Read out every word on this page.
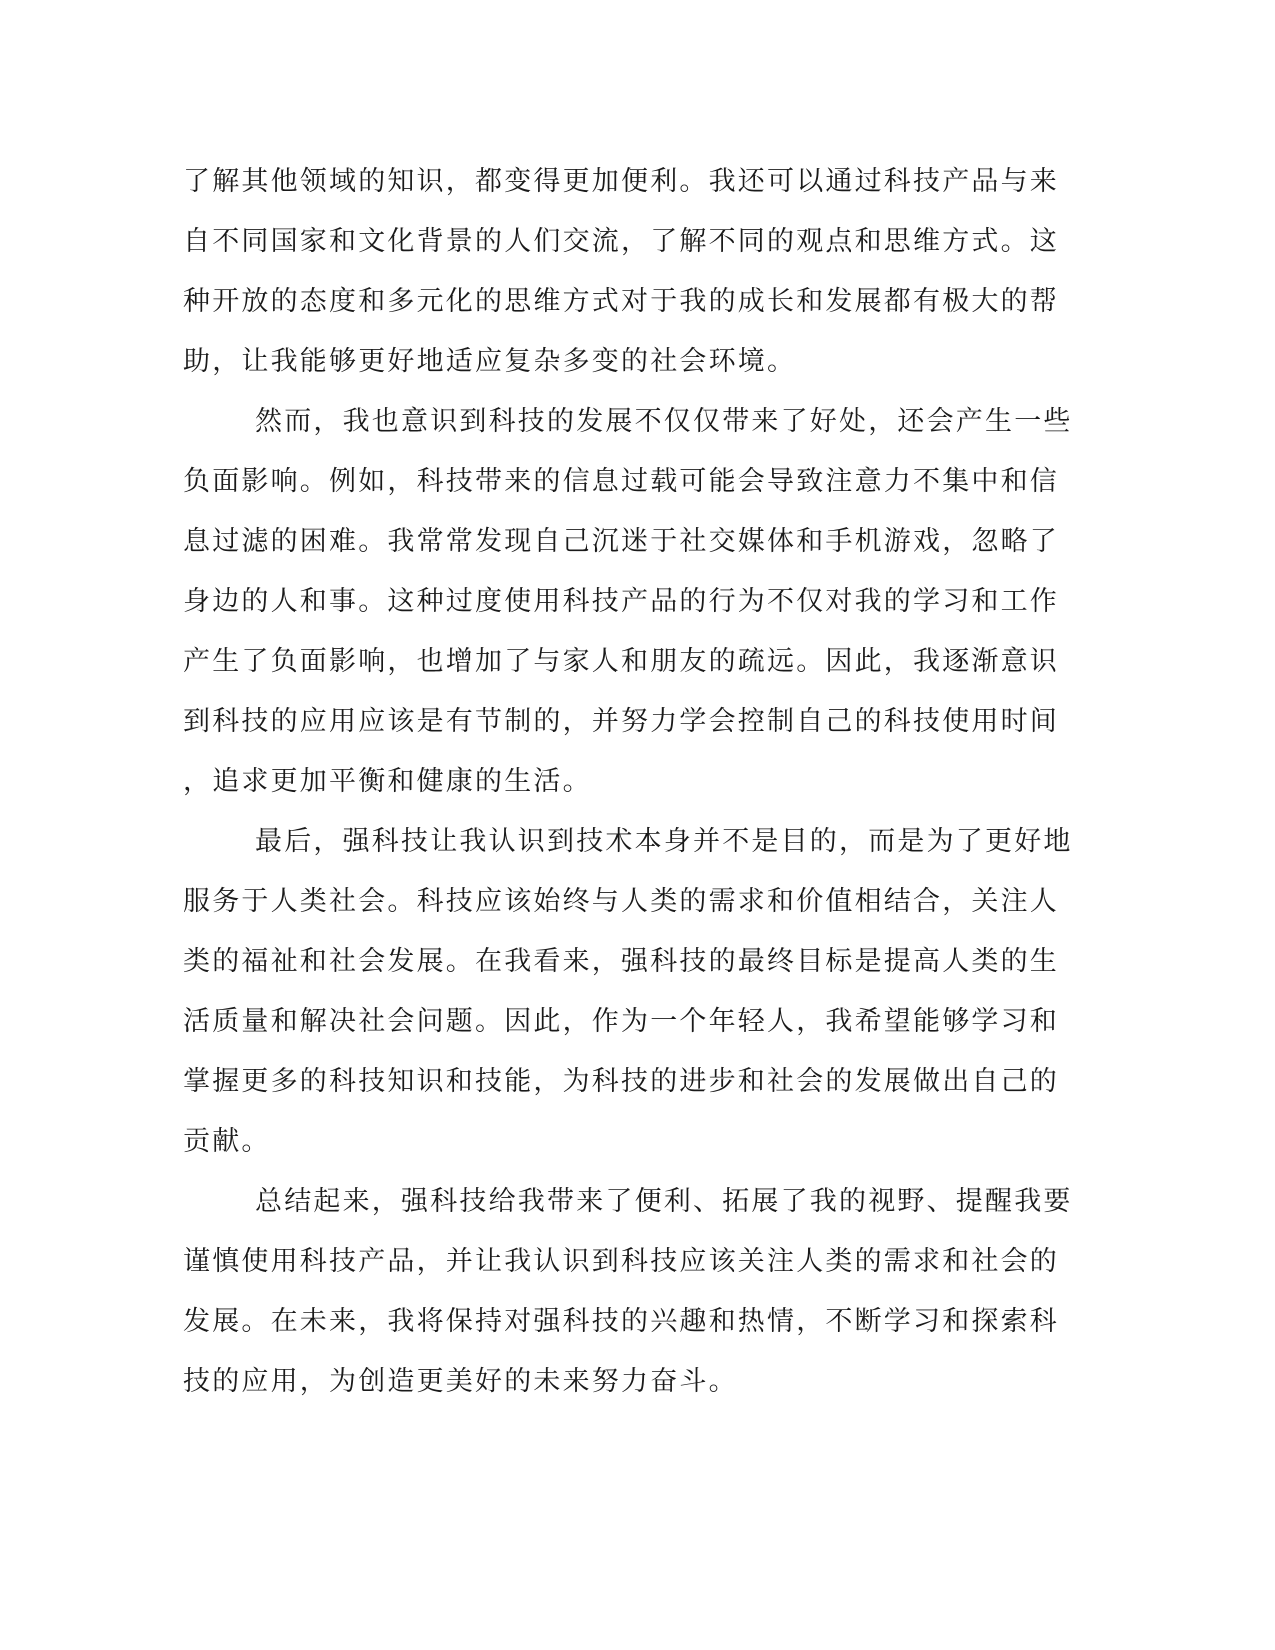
了解其他领域的知识，都变得更加便利。我还可以通过科技产品与来

自不同国家和文化背景的人们交流，了解不同的观点和思维方式。这

种开放的态度和多元化的思维方式对于我的成长和发展都有极大的帮

助，让我能够更好地适应复杂多变的社会环境。

然而，我也意识到科技的发展不仅仅带来了好处，还会产生一些

负面影响。例如，科技带来的信息过载可能会导致注意力不集中和信

息过滤的困难。我常常发现自己沉迷于社交媒体和手机游戏，忽略了

身边的人和事。这种过度使用科技产品的行为不仅对我的学习和工作

产生了负面影响，也增加了与家人和朋友的疏远。因此，我逐渐意识

到科技的应用应该是有节制的，并努力学会控制自己的科技使用时间

，追求更加平衡和健康的生活。

最后，强科技让我认识到技术本身并不是目的，而是为了更好地

服务于人类社会。科技应该始终与人类的需求和价值相结合，关注人

类的福祉和社会发展。在我看来，强科技的最终目标是提高人类的生

活质量和解决社会问题。因此，作为一个年轻人，我希望能够学习和

掌握更多的科技知识和技能，为科技的进步和社会的发展做出自己的

贡献。

总结起来，强科技给我带来了便利、拓展了我的视野、提醒我要

谨慎使用科技产品，并让我认识到科技应该关注人类的需求和社会的

发展。在未来，我将保持对强科技的兴趣和热情，不断学习和探索科

技的应用，为创造更美好的未来努力奋斗。
